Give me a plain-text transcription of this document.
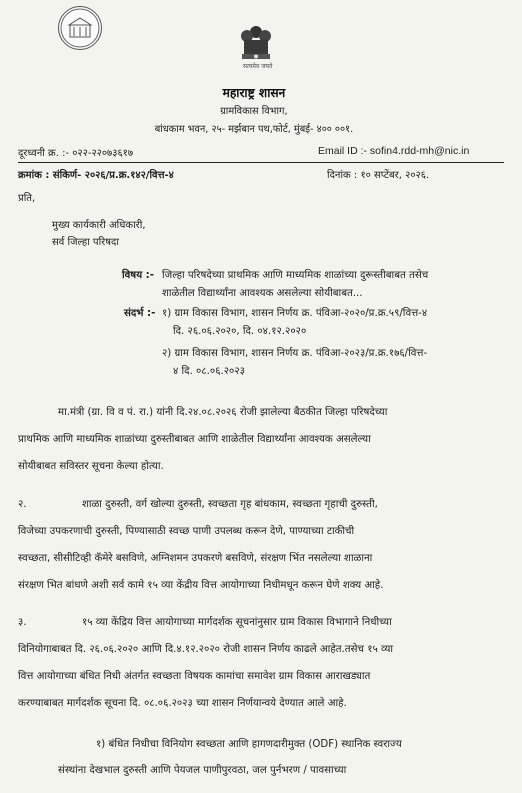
सत्यमेव जयते
महाराष्ट्र शासन
ग्रामविकास विभाग,
बांधकाम भवन, २५- मर्झबान पथ,फोर्ट, मुंबई- ४०० ००१.
दूरध्वनी क्र. :- ०२२-२२०७३६१७	Email ID :- sofin4.rdd-mh@nic.in
क्रमांक : संकिर्ण- २०२६/प्र.क्र.१४२/वित्त-४	दिनांक : १० सप्टेंबर, २०२६.
प्रति,
मुख्य कार्यकारी अधिकारी,
सर्व जिल्हा परिषदा
विषय :- जिल्हा परिषदेच्या प्राथमिक आणि माध्यमिक शाळांच्या दुरूस्तीबाबत तसेच
शाळेतील विद्यार्थ्यांना आवश्यक असलेल्या सोयीबाबत...
संदर्भ :- १) ग्राम विकास विभाग, शासन निर्णय क्र. पंविआ-२०२०/प्र.क्र.५९/वित्त-४
दि. २६.०६.२०२०, दि. ०४.१२.२०२०
२) ग्राम विकास विभाग, शासन निर्णय क्र. पंविआ-२०२३/प्र.क्र.१७६/वित्त-
४ दि. ०८.०६.२०२३
मा.मंत्री (ग्रा. वि व पं. रा.) यांनी दि.२४.०८.२०२६ रोजी झालेल्या बैठकीत जिल्हा परिषदेच्या
प्राथमिक आणि माध्यमिक शाळांच्या दुरुस्तीबाबत आणि शाळेतील विद्यार्थ्यांना आवश्यक असलेल्या
सोयीबाबत सविस्तर सूचना केल्या होत्या.
२.	शाळा दुरुस्ती, वर्ग खोल्या दुरुस्ती, स्वच्छता गृह बांधकाम, स्वच्छता गृहाची दुरुस्ती,
विजेच्या उपकरणाची दुरुस्ती, पिण्यासाठी स्वच्छ पाणी उपलब्ध करून देणे, पाण्याच्या टाकीची
स्वच्छता, सीसीटिव्ही कॅमेरे बसविणे, अग्निशमन उपकरणे बसविणे, संरक्षण भिंत नसलेल्या शाळाना
संरक्षण भित बांधणे अशी सर्व कामे १५ व्या केंद्रीय वित्त आयोगाच्या निधीमधून करून घेणे शक्य आहे.
३.	१५ व्या केंद्रिय वित्त आयोगाच्या मार्गदर्शक सूचनांनुसार ग्राम विकास विभागाने निधीच्या
विनियोगाबाबत दि. २६.०६.२०२० आणि दि.४.१२.२०२० रोजी शासन निर्णय काढले आहेत.तसेच १५ व्या
वित्त आयोगाच्या बंधित निधी अंतर्गत स्वच्छता विषयक कामांचा समावेश ग्राम विकास आराखड्यात
करण्याबाबत मार्गदर्शक सूचना दि. ०८.०६.२०२३ च्या शासन निर्णयान्वये देण्यात आले आहे.
१) बंधित निधीचा विनियोग स्वच्छता आणि हागणदारीमुक्त (ODF) स्थानिक स्वराज्य
संस्थांना देखभाल दुरुस्ती आणि पेयजल पाणीपुरवठा, जल पुर्नभरण / पावसाच्या
